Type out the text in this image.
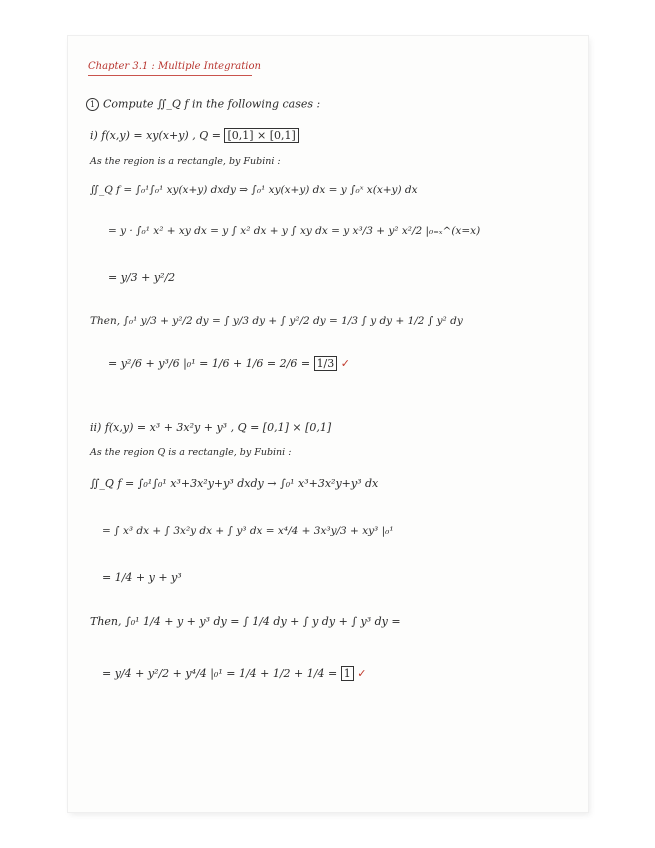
Chapter 3.1 : Multiple Integration
1 Compute ∬_Q f in the following cases :
i) f(x,y) = xy(x+y) , Q = [0,1] × [0,1]
As the region is a rectangle, by Fubini :
∬_Q f = ∫₀¹∫₀¹ xy(x+y) dxdy ⇒ ∫₀¹ xy(x+y) dx = y ∫₀ˣ x(x+y) dx
= y · ∫₀¹ x² + xy dx = y ∫ x² dx + y ∫ xy dx = y x³/3 + y² x²/2 |₀₌ₓ^(x=x)
= y/3 + y²/2
Then, ∫₀¹ y/3 + y²/2 dy = ∫ y/3 dy + ∫ y²/2 dy = 1/3 ∫ y dy + 1/2 ∫ y² dy
= y²/6 + y³/6 |₀¹ = 1/6 + 1/6 = 2/6 = 1/3 ✓
ii) f(x,y) = x³ + 3x²y + y³ , Q = [0,1] × [0,1]
As the region Q is a rectangle, by Fubini :
∬_Q f = ∫₀¹∫₀¹ x³+3x²y+y³ dxdy → ∫₀¹ x³+3x²y+y³ dx
= ∫ x³ dx + ∫ 3x²y dx + ∫ y³ dx = x⁴/4 + 3x³y/3 + xy³ |₀¹
= 1/4 + y + y³
Then, ∫₀¹ 1/4 + y + y³ dy = ∫ 1/4 dy + ∫ y dy + ∫ y³ dy =
= y/4 + y²/2 + y⁴/4 |₀¹ = 1/4 + 1/2 + 1/4 = 1 ✓
